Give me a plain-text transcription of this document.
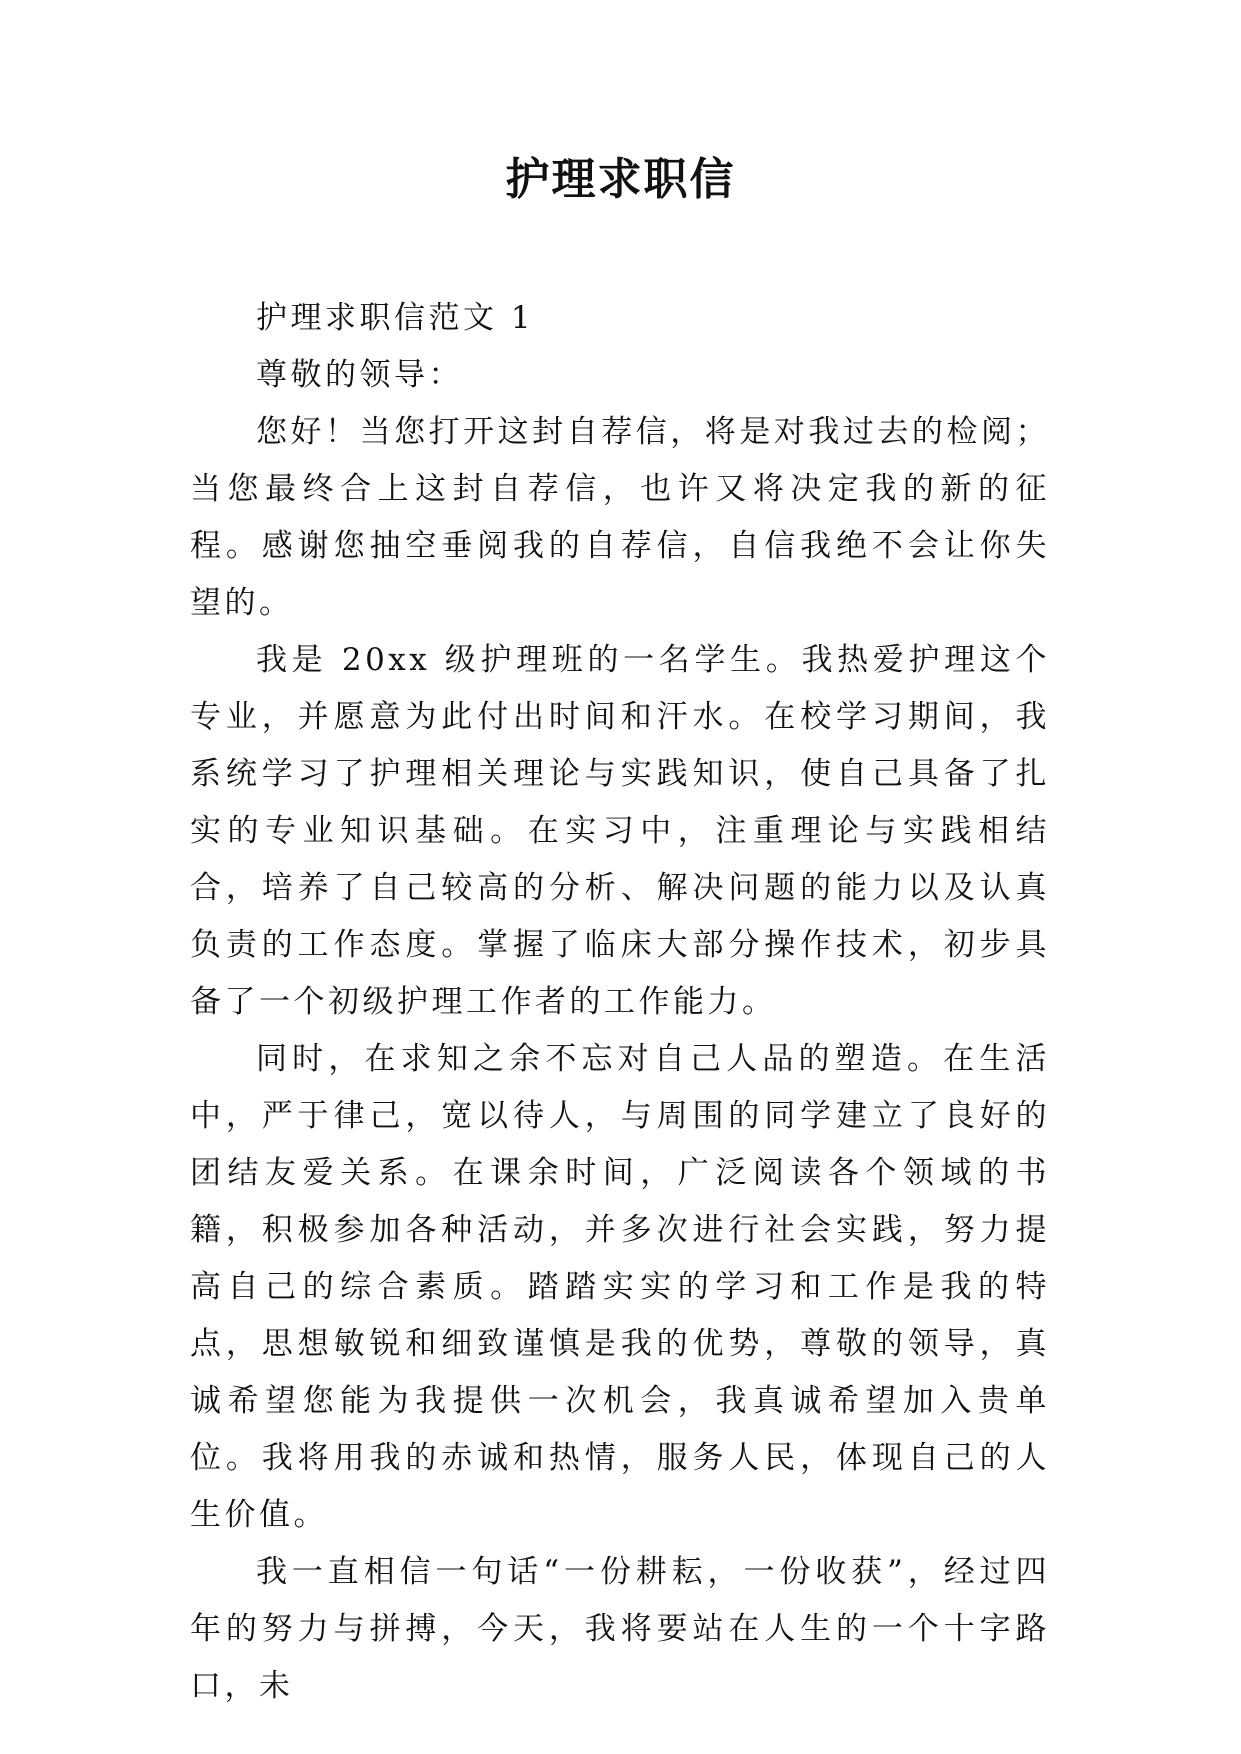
护理求职信

护理求职信范文 1

尊敬的领导：

您好！当您打开这封自荐信，将是对我过去的检阅；当您最终合上这封自荐信，也许又将决定我的新的征程。感谢您抽空垂阅我的自荐信，自信我绝不会让你失望的。

我是 20xx 级护理班的一名学生。我热爱护理这个专业，并愿意为此付出时间和汗水。在校学习期间，我系统学习了护理相关理论与实践知识，使自己具备了扎实的专业知识基础。在实习中，注重理论与实践相结合，培养了自己较高的分析、解决问题的能力以及认真负责的工作态度。掌握了临床大部分操作技术，初步具备了一个初级护理工作者的工作能力。

同时，在求知之余不忘对自己人品的塑造。在生活中，严于律己，宽以待人，与周围的同学建立了良好的团结友爱关系。在课余时间，广泛阅读各个领域的书籍，积极参加各种活动，并多次进行社会实践，努力提高自己的综合素质。踏踏实实的学习和工作是我的特点，思想敏锐和细致谨慎是我的优势，尊敬的领导，真诚希望您能为我提供一次机会，我真诚希望加入贵单位。我将用我的赤诚和热情，服务人民，体现自己的人生价值。

我一直相信一句话“一份耕耘，一份收获”，经过四年的努力与拼搏，今天，我将要站在人生的一个十字路口，未
